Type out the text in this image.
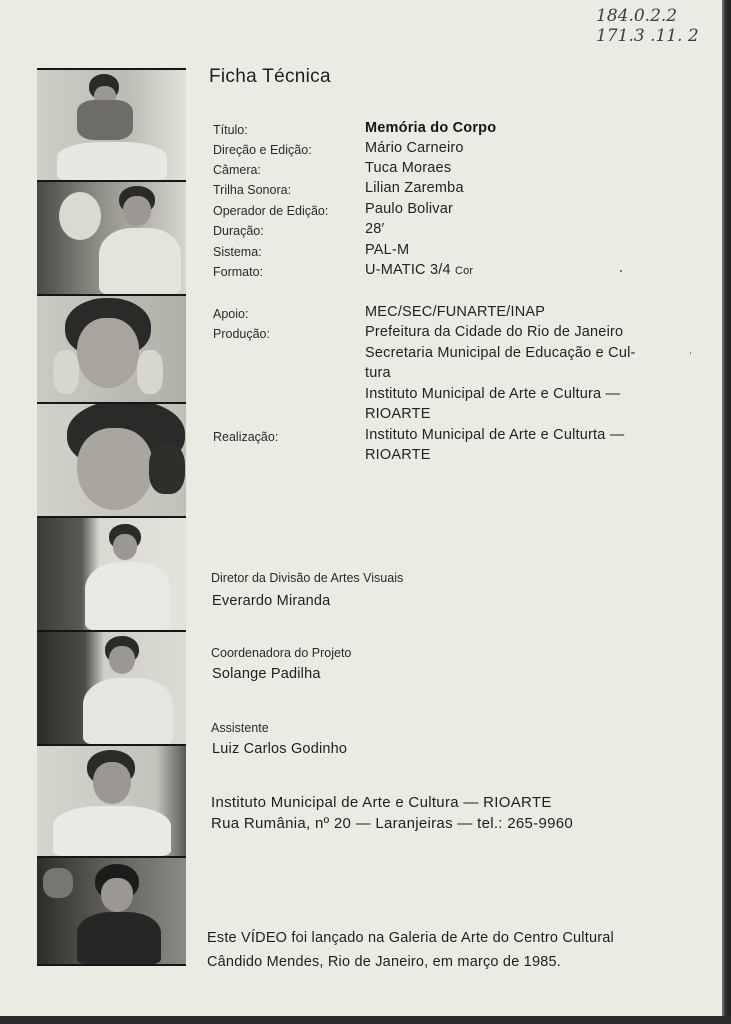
184.0.2.2
171.3 .11. 2
Ficha Técnica
Título:	Memória do Corpo
Direção e Edição:	Mário Carneiro
Câmera:	Tuca Moraes
Trilha Sonora:	Lilian Zaremba
Operador de Edição:	Paulo Bolivar
Duração:	28′
Sistema:	PAL-M
Formato:	U-MATIC 3/4 Cor
Apoio:	MEC/SEC/FUNARTE/INAP
Produção:	Prefeitura da Cidade do Rio de Janeiro
Secretaria Municipal de Educação e Cul-
tura
Instituto Municipal de Arte e Cultura —
RIOARTE
Realização:	Instituto Municipal de Arte e Culturta —
RIOARTE
Diretor da Divisão de Artes Visuais
Everardo Miranda
Coordenadora do Projeto
Solange Padilha
Assistente
Luiz Carlos Godinho
Instituto Municipal de Arte e Cultura — RIOARTE
Rua Rumânia, nº 20 — Laranjeiras — tel.: 265-9960
Este VÍDEO foi lançado na Galeria de Arte do Centro Cultural
Cândido Mendes, Rio de Janeiro, em março de 1985.
